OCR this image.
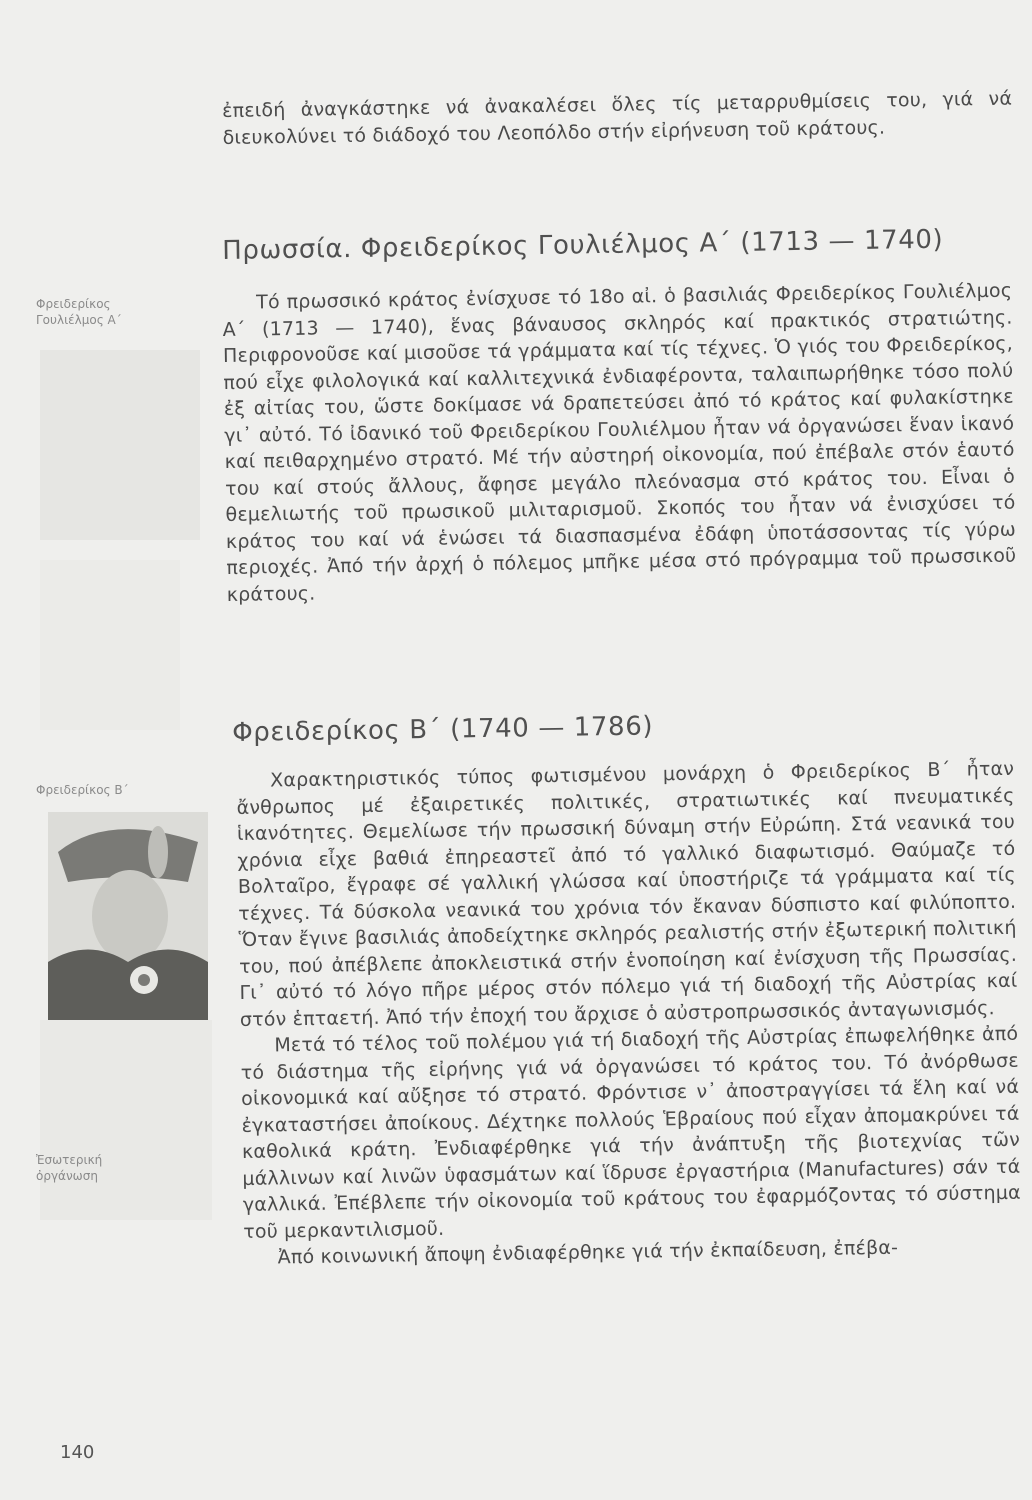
Φρειδερίκος Γουλιέλμος Α΄
Φρειδερίκος Β΄
Ἐσωτερική ὀργάνωση

ἐπειδή ἀναγκάστηκε νά ἀνακαλέσει ὅλες τίς μεταρρυθμίσεις του, γιά νά διευκολύνει τό διάδοχό του Λεοπόλδο στήν εἰρήνευση τοῦ κράτους.

Πρωσσία. Φρειδερίκος Γουλιέλμος Α΄ (1713 — 1740)

Τό πρωσσικό κράτος ἐνίσχυσε τό 18ο αἰ. ὁ βασιλιάς Φρειδερίκος Γουλιέλμος Α΄ (1713 — 1740), ἕνας βάναυσος σκληρός καί πρακτικός στρατιώτης. Περιφρονοῦσε καί μισοῦσε τά γράμματα καί τίς τέχνες. Ὁ γιός του Φρειδερίκος, πού εἶχε φιλολογικά καί καλλιτεχνικά ἐνδιαφέροντα, ταλαιπωρήθηκε τόσο πολύ ἐξ αἰτίας του, ὥστε δοκίμασε νά δραπετεύσει ἀπό τό κράτος καί φυλακίστηκε γι᾽ αὐτό. Τό ἰδανικό τοῦ Φρειδερίκου Γουλιέλμου ἦταν νά ὀργανώσει ἕναν ἱκανό καί πειθαρχημένο στρατό. Μέ τήν αὐστηρή οἰκονομία, πού ἐπέβαλε στόν ἑαυτό του καί στούς ἄλλους, ἄφησε μεγάλο πλεόνασμα στό κράτος του. Εἶναι ὁ θεμελιωτής τοῦ πρωσικοῦ μιλιταρισμοῦ. Σκοπός του ἦταν νά ἐνισχύσει τό κράτος του καί νά ἑνώσει τά διασπασμένα ἐδάφη ὑποτάσσοντας τίς γύρω περιοχές. Ἀπό τήν ἀρχή ὁ πόλεμος μπῆκε μέσα στό πρόγραμμα τοῦ πρωσσικοῦ κράτους.

Φρειδερίκος Β΄ (1740 — 1786)

Χαρακτηριστικός τύπος φωτισμένου μονάρχη ὁ Φρειδερίκος Β΄ ἦταν ἄνθρωπος μέ ἐξαιρετικές πολιτικές, στρατιωτικές καί πνευματικές ἱκανότητες. Θεμελίωσε τήν πρωσσική δύναμη στήν Εὐρώπη. Στά νεανικά του χρόνια εἶχε βαθιά ἐπηρεαστεῖ ἀπό τό γαλλικό διαφωτισμό. Θαύμαζε τό Βολταῖρο, ἔγραφε σέ γαλλική γλώσσα καί ὑποστήριζε τά γράμματα καί τίς τέχνες. Τά δύσκολα νεανικά του χρόνια τόν ἔκαναν δύσπιστο καί φιλύποπτο. Ὅταν ἔγινε βασιλιάς ἀποδείχτηκε σκληρός ρεαλιστής στήν ἐξωτερική πολιτική του, πού ἀπέβλεπε ἀποκλειστικά στήν ἑνοποίηση καί ἐνίσχυση τῆς Πρωσσίας. Γι᾽ αὐτό τό λόγο πῆρε μέρος στόν πόλεμο γιά τή διαδοχή τῆς Αὐστρίας καί στόν ἑπταετή. Ἀπό τήν ἐποχή του ἄρχισε ὁ αὐστροπρωσσικός ἀνταγωνισμός.

Μετά τό τέλος τοῦ πολέμου γιά τή διαδοχή τῆς Αὐστρίας ἐπωφελήθηκε ἀπό τό διάστημα τῆς εἰρήνης γιά νά ὀργανώσει τό κράτος του. Τό ἀνόρθωσε οἰκονομικά καί αὔξησε τό στρατό. Φρόντισε ν᾽ ἀποστραγγίσει τά ἕλη καί νά ἐγκαταστήσει ἀποίκους. Δέχτηκε πολλούς Ἑβραίους πού εἶχαν ἀπομακρύνει τά καθολικά κράτη. Ἐνδιαφέρθηκε γιά τήν ἀνάπτυξη τῆς βιοτεχνίας τῶν μάλλινων καί λινῶν ὑφασμάτων καί ἵδρυσε ἐργαστήρια (Manufactures) σάν τά γαλλικά. Ἐπέβλεπε τήν οἰκονομία τοῦ κράτους του ἐφαρμόζοντας τό σύστημα τοῦ μερκαντιλισμοῦ.

Ἀπό κοινωνική ἄποψη ἐνδιαφέρθηκε γιά τήν ἐκπαίδευση, ἐπέβα-

140
